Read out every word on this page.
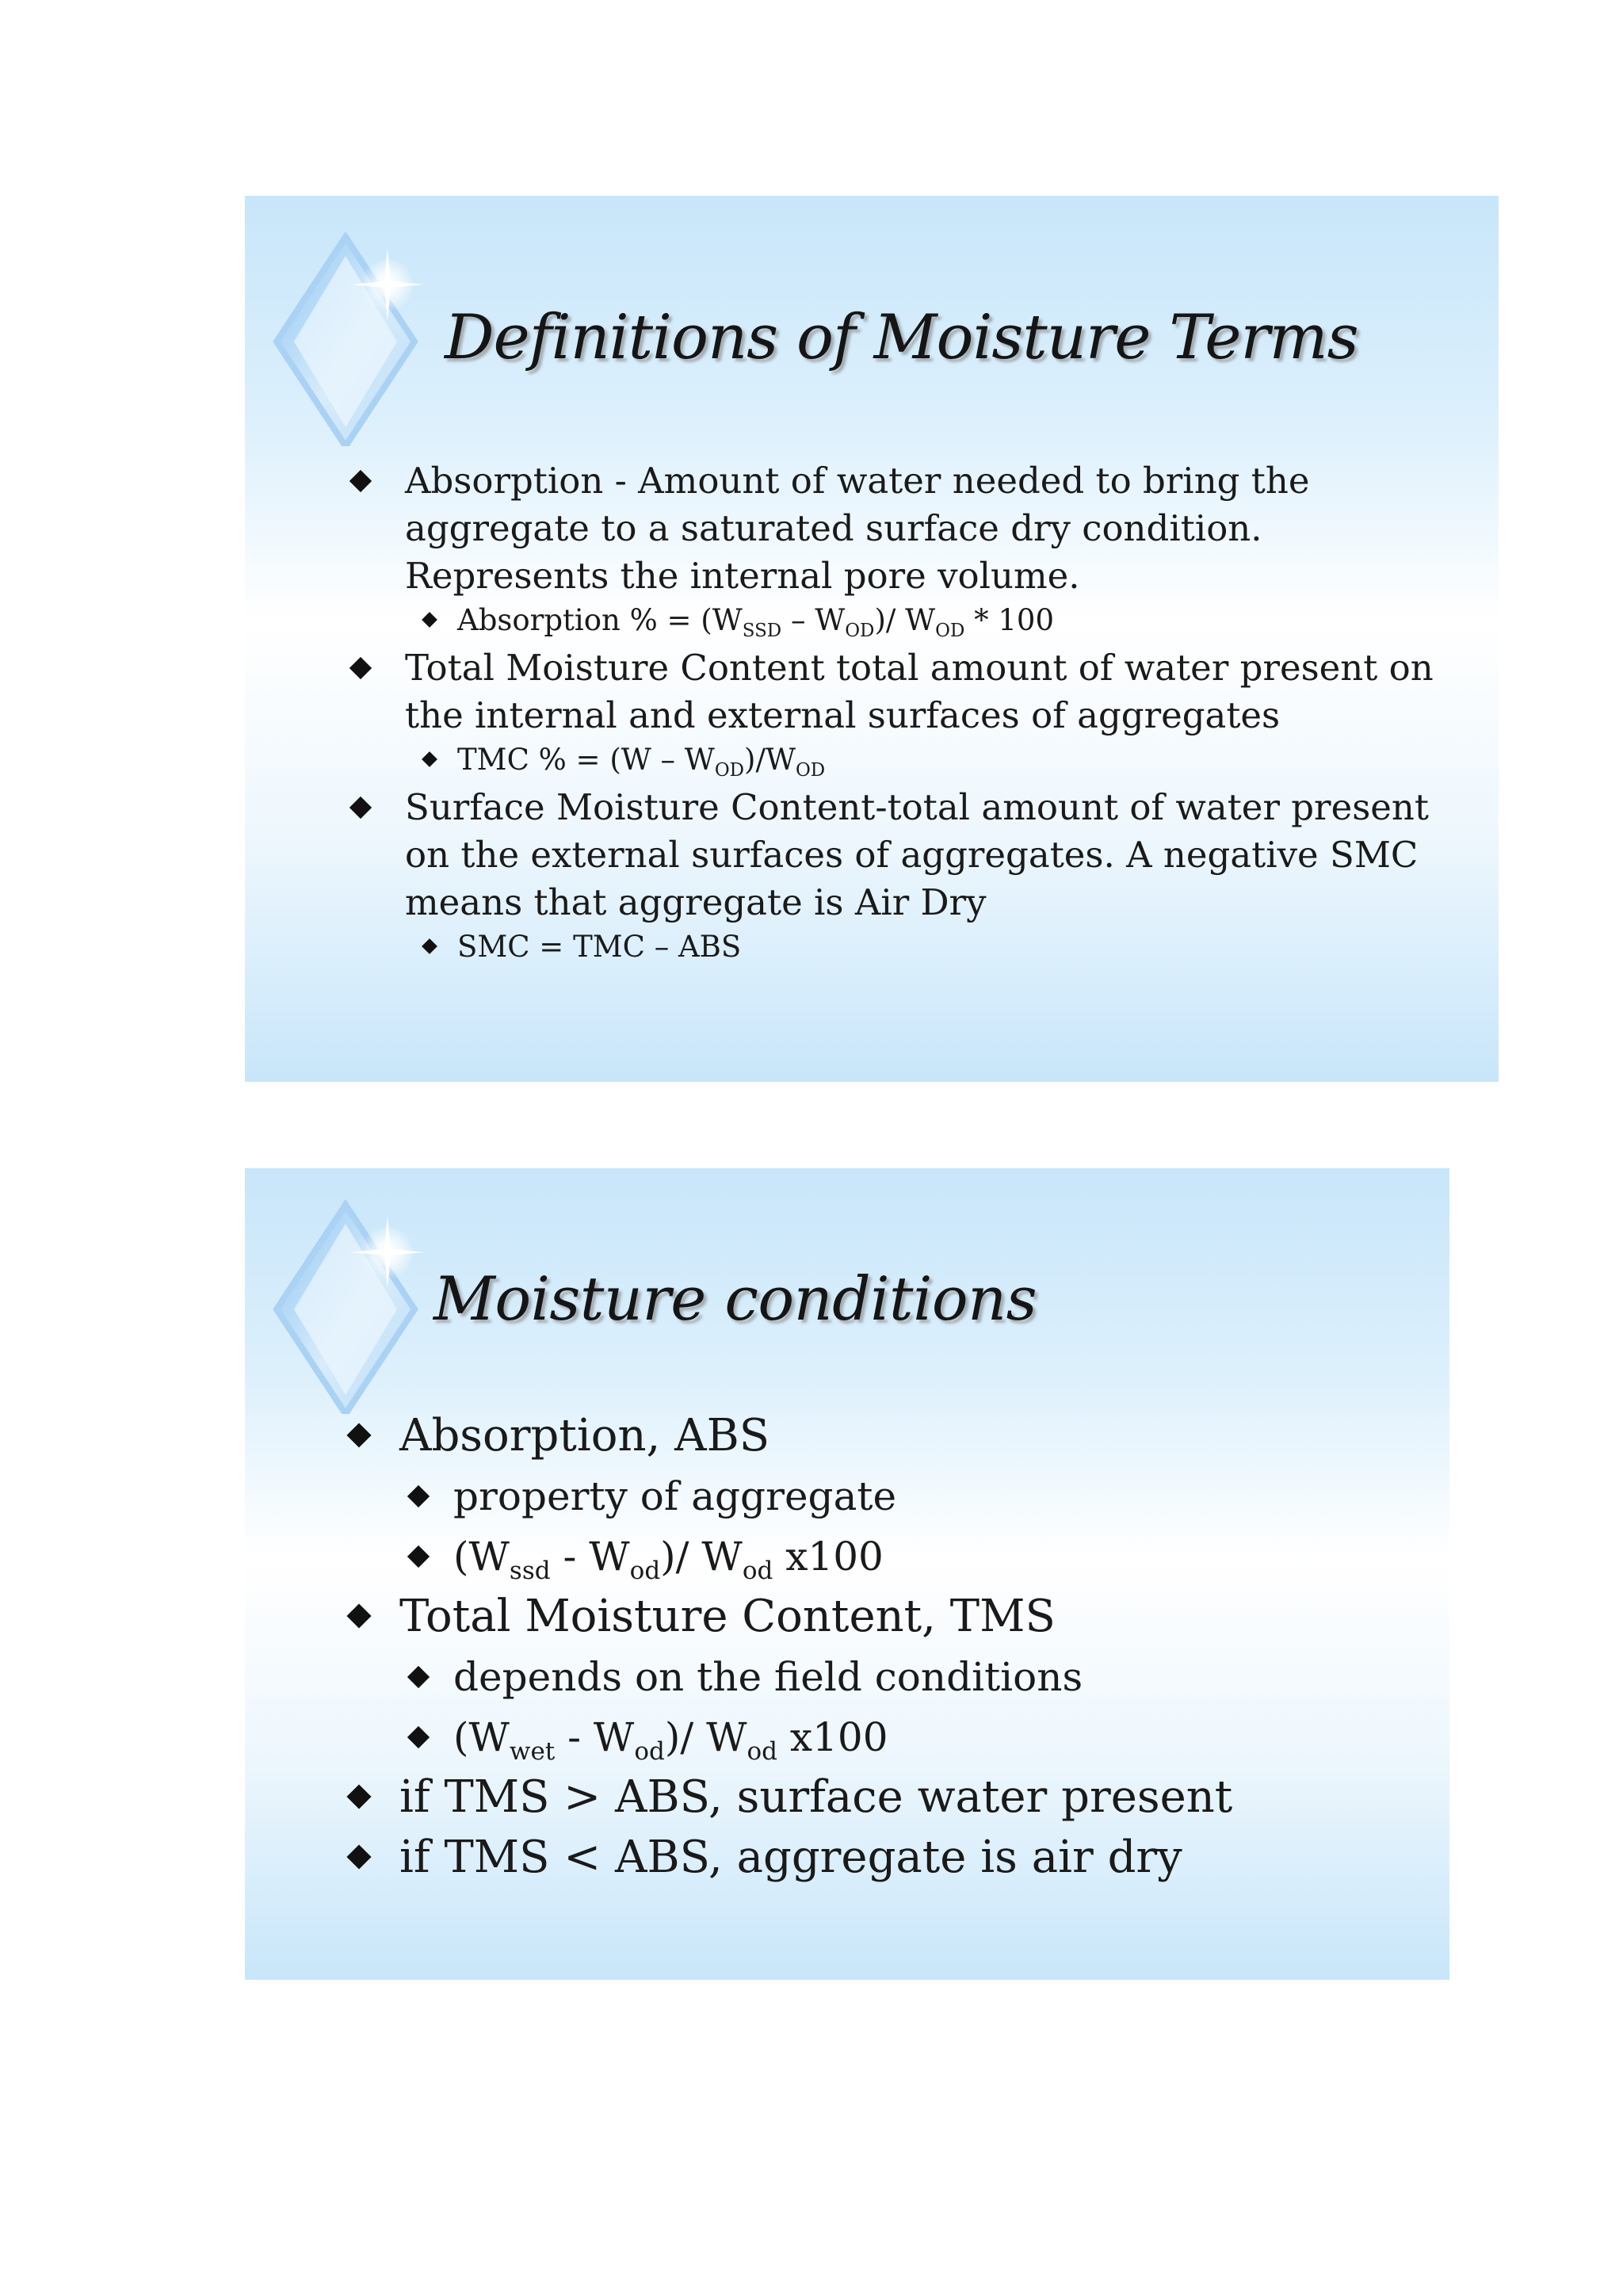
Definitions of Moisture Terms
Absorption - Amount of water needed to bring the aggregate to a saturated surface dry condition. Represents the internal pore volume.
Absorption % = $(W_{SSD} - W_{OD})/$ $W_{OD} * 100$
Total Moisture Content total amount of water present on the internal and external surfaces of aggregates
TMC % = $(W - W_{OD})/W_{OD}$
Surface Moisture Content-total amount of water present on the external surfaces of aggregates. A negative SMC means that aggregate is Air Dry
SMC = TMC – ABS
Moisture conditions
Absorption, ABS
property of aggregate
$(W_{ssd} - W_{od})/$ $W_{od}$ x100
Total Moisture Content, TMS
depends on the field conditions
$(W_{wet} - W_{od})/$ $W_{od}$ x100
if TMS > ABS, surface water present
if TMS < ABS, aggregate is air dry
